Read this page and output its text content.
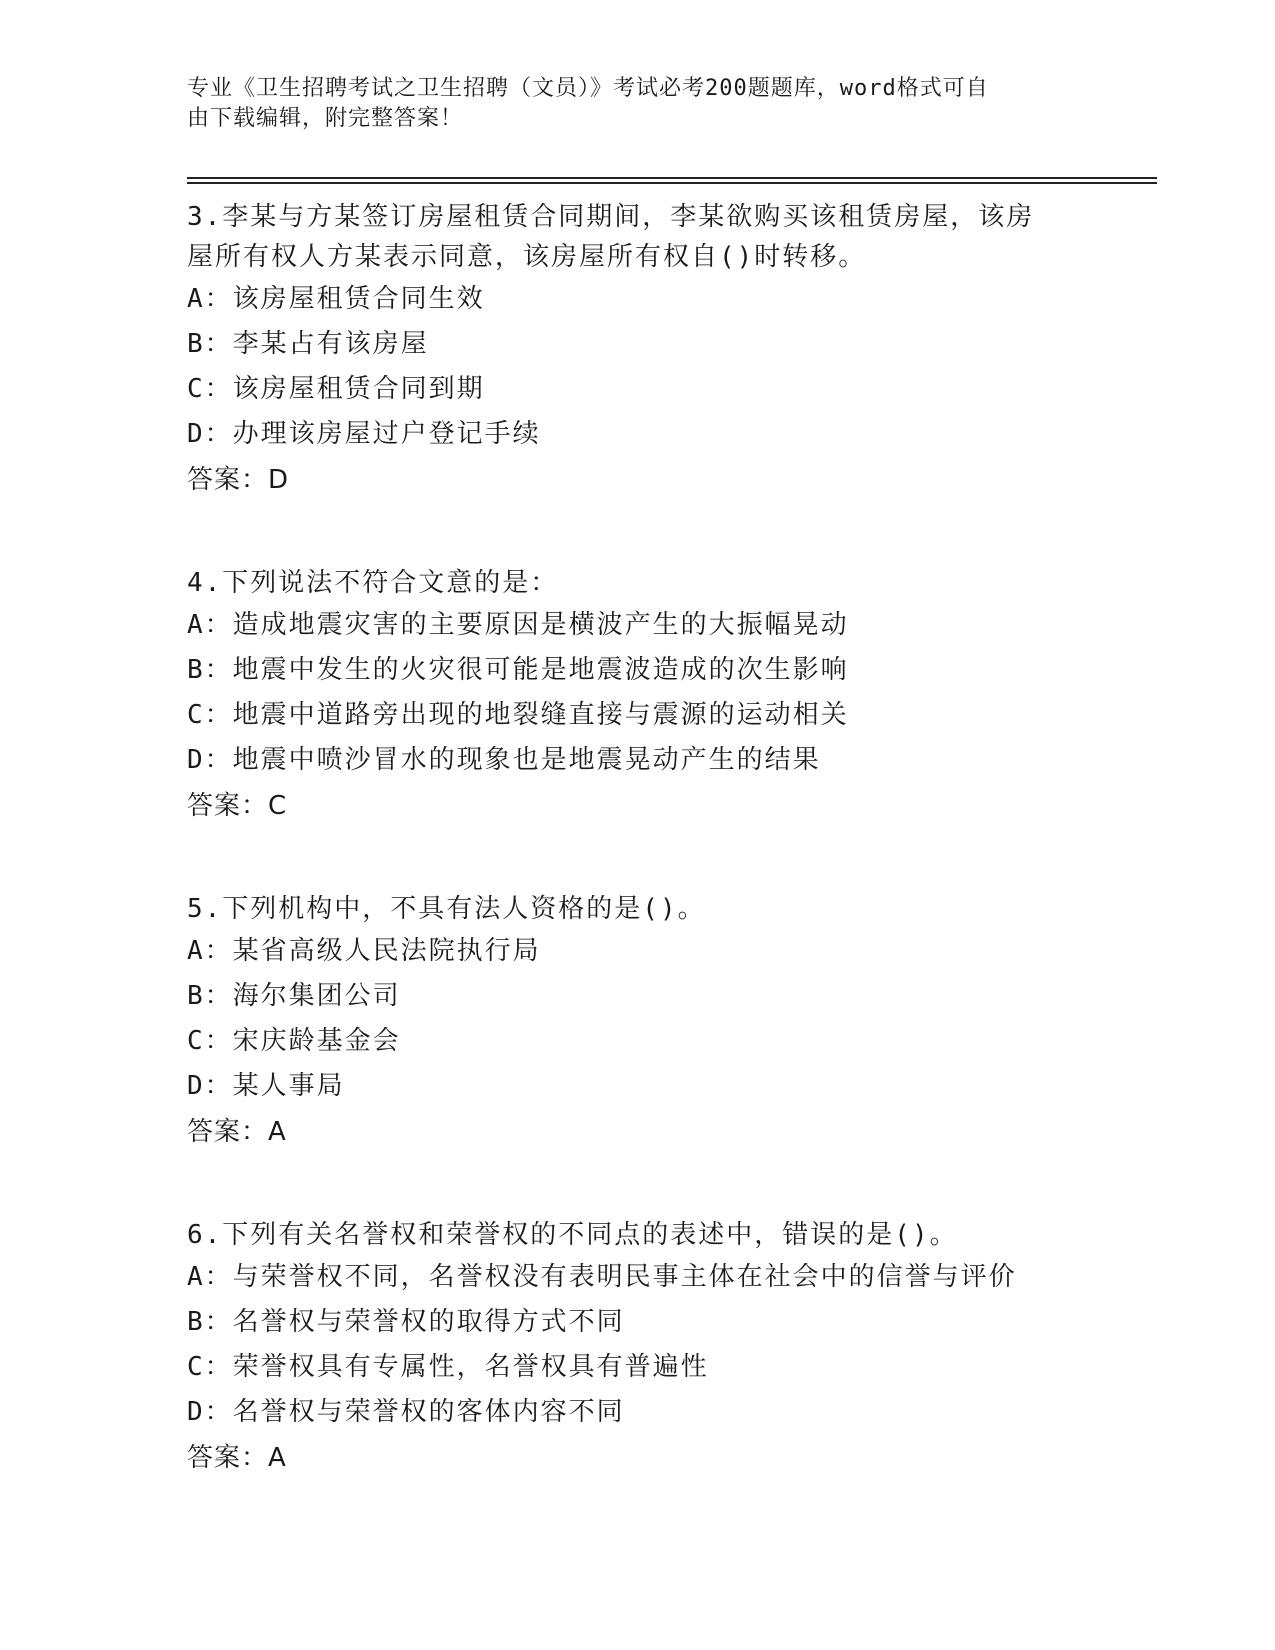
专业《卫生招聘考试之卫生招聘（文员）》考试必考200题题库，word格式可自
由下载编辑，附完整答案！

3.李某与方某签订房屋租赁合同期间，李某欲购买该租赁房屋，该房
屋所有权人方某表示同意，该房屋所有权自()时转移。

A：该房屋租赁合同生效

B：李某占有该房屋

C：该房屋租赁合同到期

D：办理该房屋过户登记手续

答案：D

4.下列说法不符合文意的是：

A：造成地震灾害的主要原因是横波产生的大振幅晃动

B：地震中发生的火灾很可能是地震波造成的次生影响

C：地震中道路旁出现的地裂缝直接与震源的运动相关

D：地震中喷沙冒水的现象也是地震晃动产生的结果

答案：C

5.下列机构中，不具有法人资格的是()。

A：某省高级人民法院执行局

B：海尔集团公司

C：宋庆龄基金会

D：某人事局

答案：A

6.下列有关名誉权和荣誉权的不同点的表述中，错误的是()。

A：与荣誉权不同，名誉权没有表明民事主体在社会中的信誉与评价

B：名誉权与荣誉权的取得方式不同

C：荣誉权具有专属性，名誉权具有普遍性

D：名誉权与荣誉权的客体内容不同

答案：A
